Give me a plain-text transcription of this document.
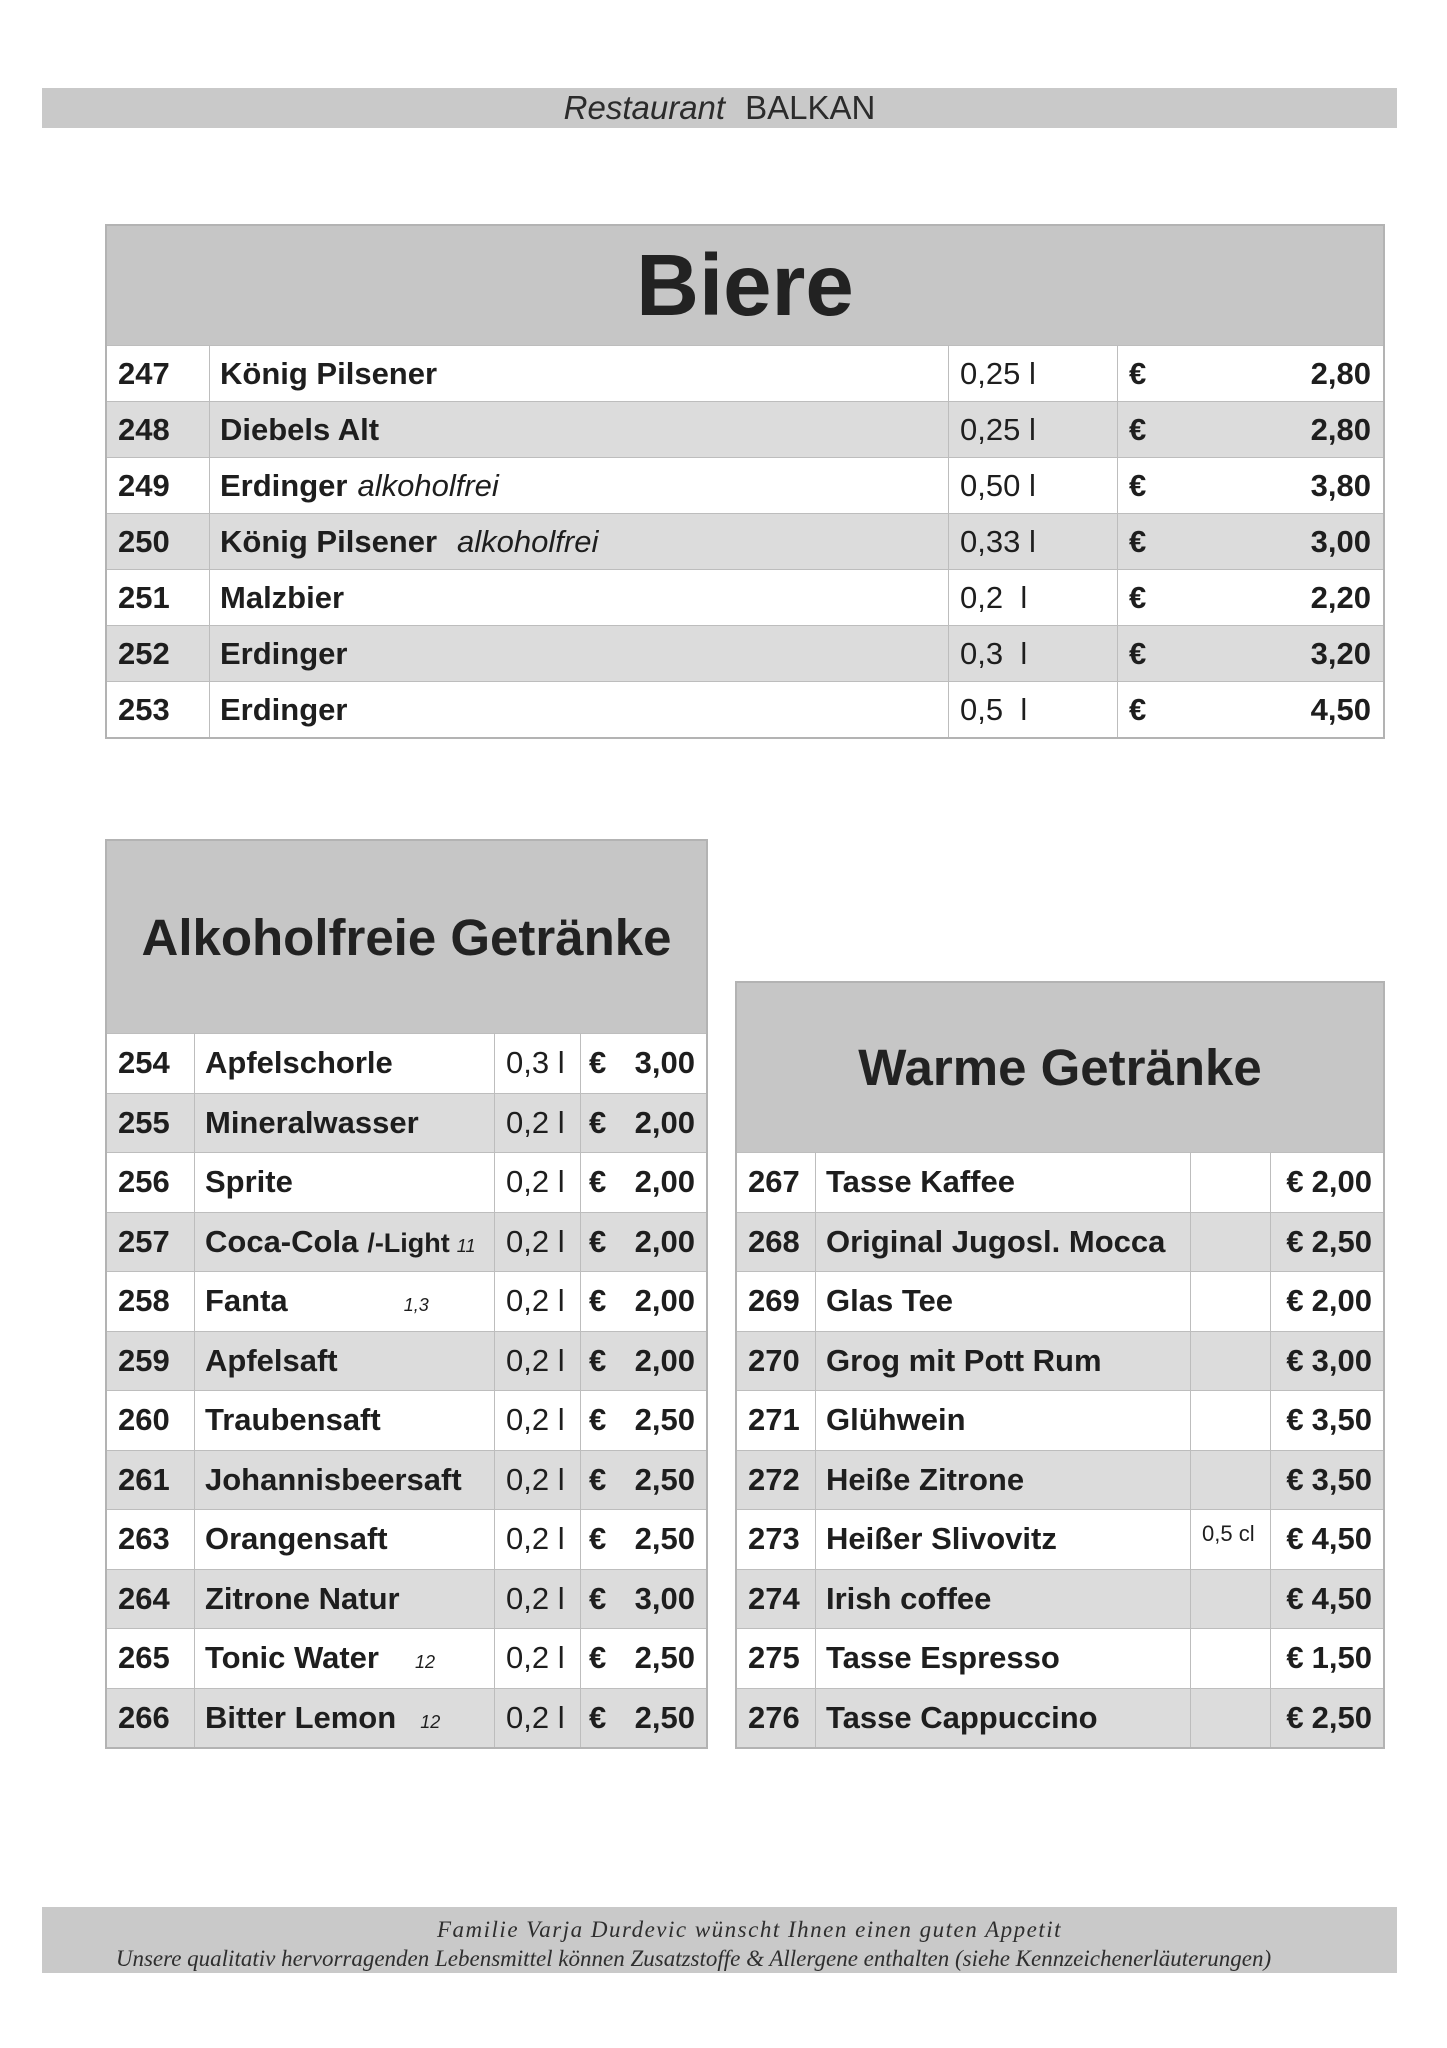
Restaurant BALKAN
Biere
247	König Pilsener	0,25 l	€	2,80
248	Diebels Alt	0,25 l	€	2,80
249	Erdinger alkoholfrei	0,50 l	€	3,80
250	König Pilsener alkoholfrei	0,33 l	€	3,00
251	Malzbier	0,2  l	€	2,20
252	Erdinger	0,3  l	€	3,20
253	Erdinger	0,5  l	€	4,50
Alkoholfreie Getränke
254	Apfelschorle	0,3 l € 3,00
255	Mineralwasser	0,2 l € 2,00
256	Sprite	0,2 l € 2,00
257	Coca-Cola /-Light 11 0,2 l € 2,00
258	Fanta	1,3	0,2 l € 2,00
259	Apfelsaft	0,2 l € 2,00
260	Traubensaft	0,2 l € 2,50
261	Johannisbeersaft	0,2 l € 2,50
263	Orangensaft	0,2 l € 2,50
264	Zitrone Natur	0,2 l € 3,00
265	Tonic Water 12	0,2 l € 2,50
266	Bitter Lemon 12	0,2 l € 2,50
Warme Getränke
267 Tasse Kaffee	€ 2,00
268 Original Jugosl. Mocca	€ 2,50
269 Glas Tee	€ 2,00
270 Grog mit Pott Rum	€ 3,00
271 Glühwein	€ 3,50
272 Heiße Zitrone	€ 3,50
273 Heißer Slivovitz	0,5 cl € 4,50
274 Irish coffee	€ 4,50
275 Tasse Espresso	€ 1,50
276 Tasse Cappuccino	€ 2,50
Familie Varja Durdevic wünscht Ihnen einen guten Appetit
Unsere qualitativ hervorragenden Lebensmittel können Zusatzstoffe & Allergene enthalten (siehe Kennzeichenerläuterungen)
